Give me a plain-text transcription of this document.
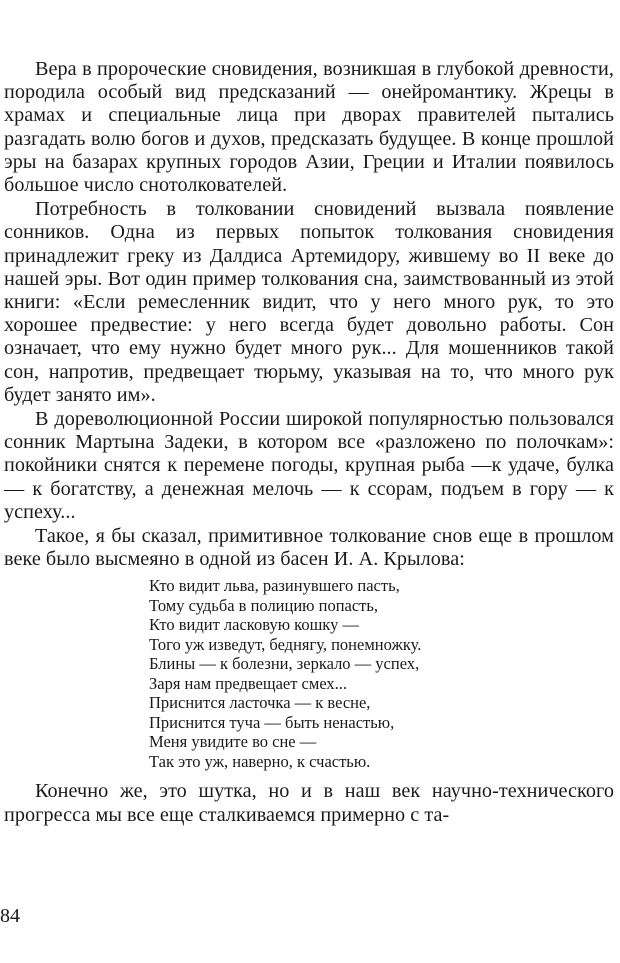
Вера в пророческие сновидения, возникшая в глубокой древности, породила особый вид предсказаний — онейромантику. Жрецы в храмах и специальные лица при дворах правителей пытались разгадать волю богов и духов, предсказать будущее. В конце прошлой эры на базарах крупных городов Азии, Греции и Италии появилось большое число снотолкователей.

Потребность в толковании сновидений вызвала появление сонников. Одна из первых попыток толкования сновидения принадлежит греку из Далдиса Артемидору, жившему во II веке до нашей эры. Вот один пример толкования сна, заимствованный из этой книги: «Если ремесленник видит, что у него много рук, то это хорошее предвестие: у него всегда будет довольно работы. Сон означает, что ему нужно будет много рук... Для мошенников такой сон, напротив, предвещает тюрьму, указывая на то, что много рук будет занято им».

В дореволюционной России широкой популярностью пользовался сонник Мартына Задеки, в котором все «разложено по полочкам»: покойники снятся к перемене погоды, крупная рыба —к удаче, булка — к богатству, а денежная мелочь — к ссорам, подъем в гору — к успеху...

Такое, я бы сказал, примитивное толкование снов еще в прошлом веке было высмеяно в одной из басен И. А. Крылова:

Кто видит льва, разинувшего пасть,
Тому судьба в полицию попасть,
Кто видит ласковую кошку —
Того уж изведут, беднягу, понемножку.
Блины — к болезни, зеркало — успех,
Заря нам предвещает смех...
Приснится ласточка — к весне,
Приснится туча — быть ненастью,
Меня увидите во сне —
Так это уж, наверно, к счастью.

Конечно же, это шутка, но и в наш век научно-технического прогресса мы все еще сталкиваемся примерно с та-

84
